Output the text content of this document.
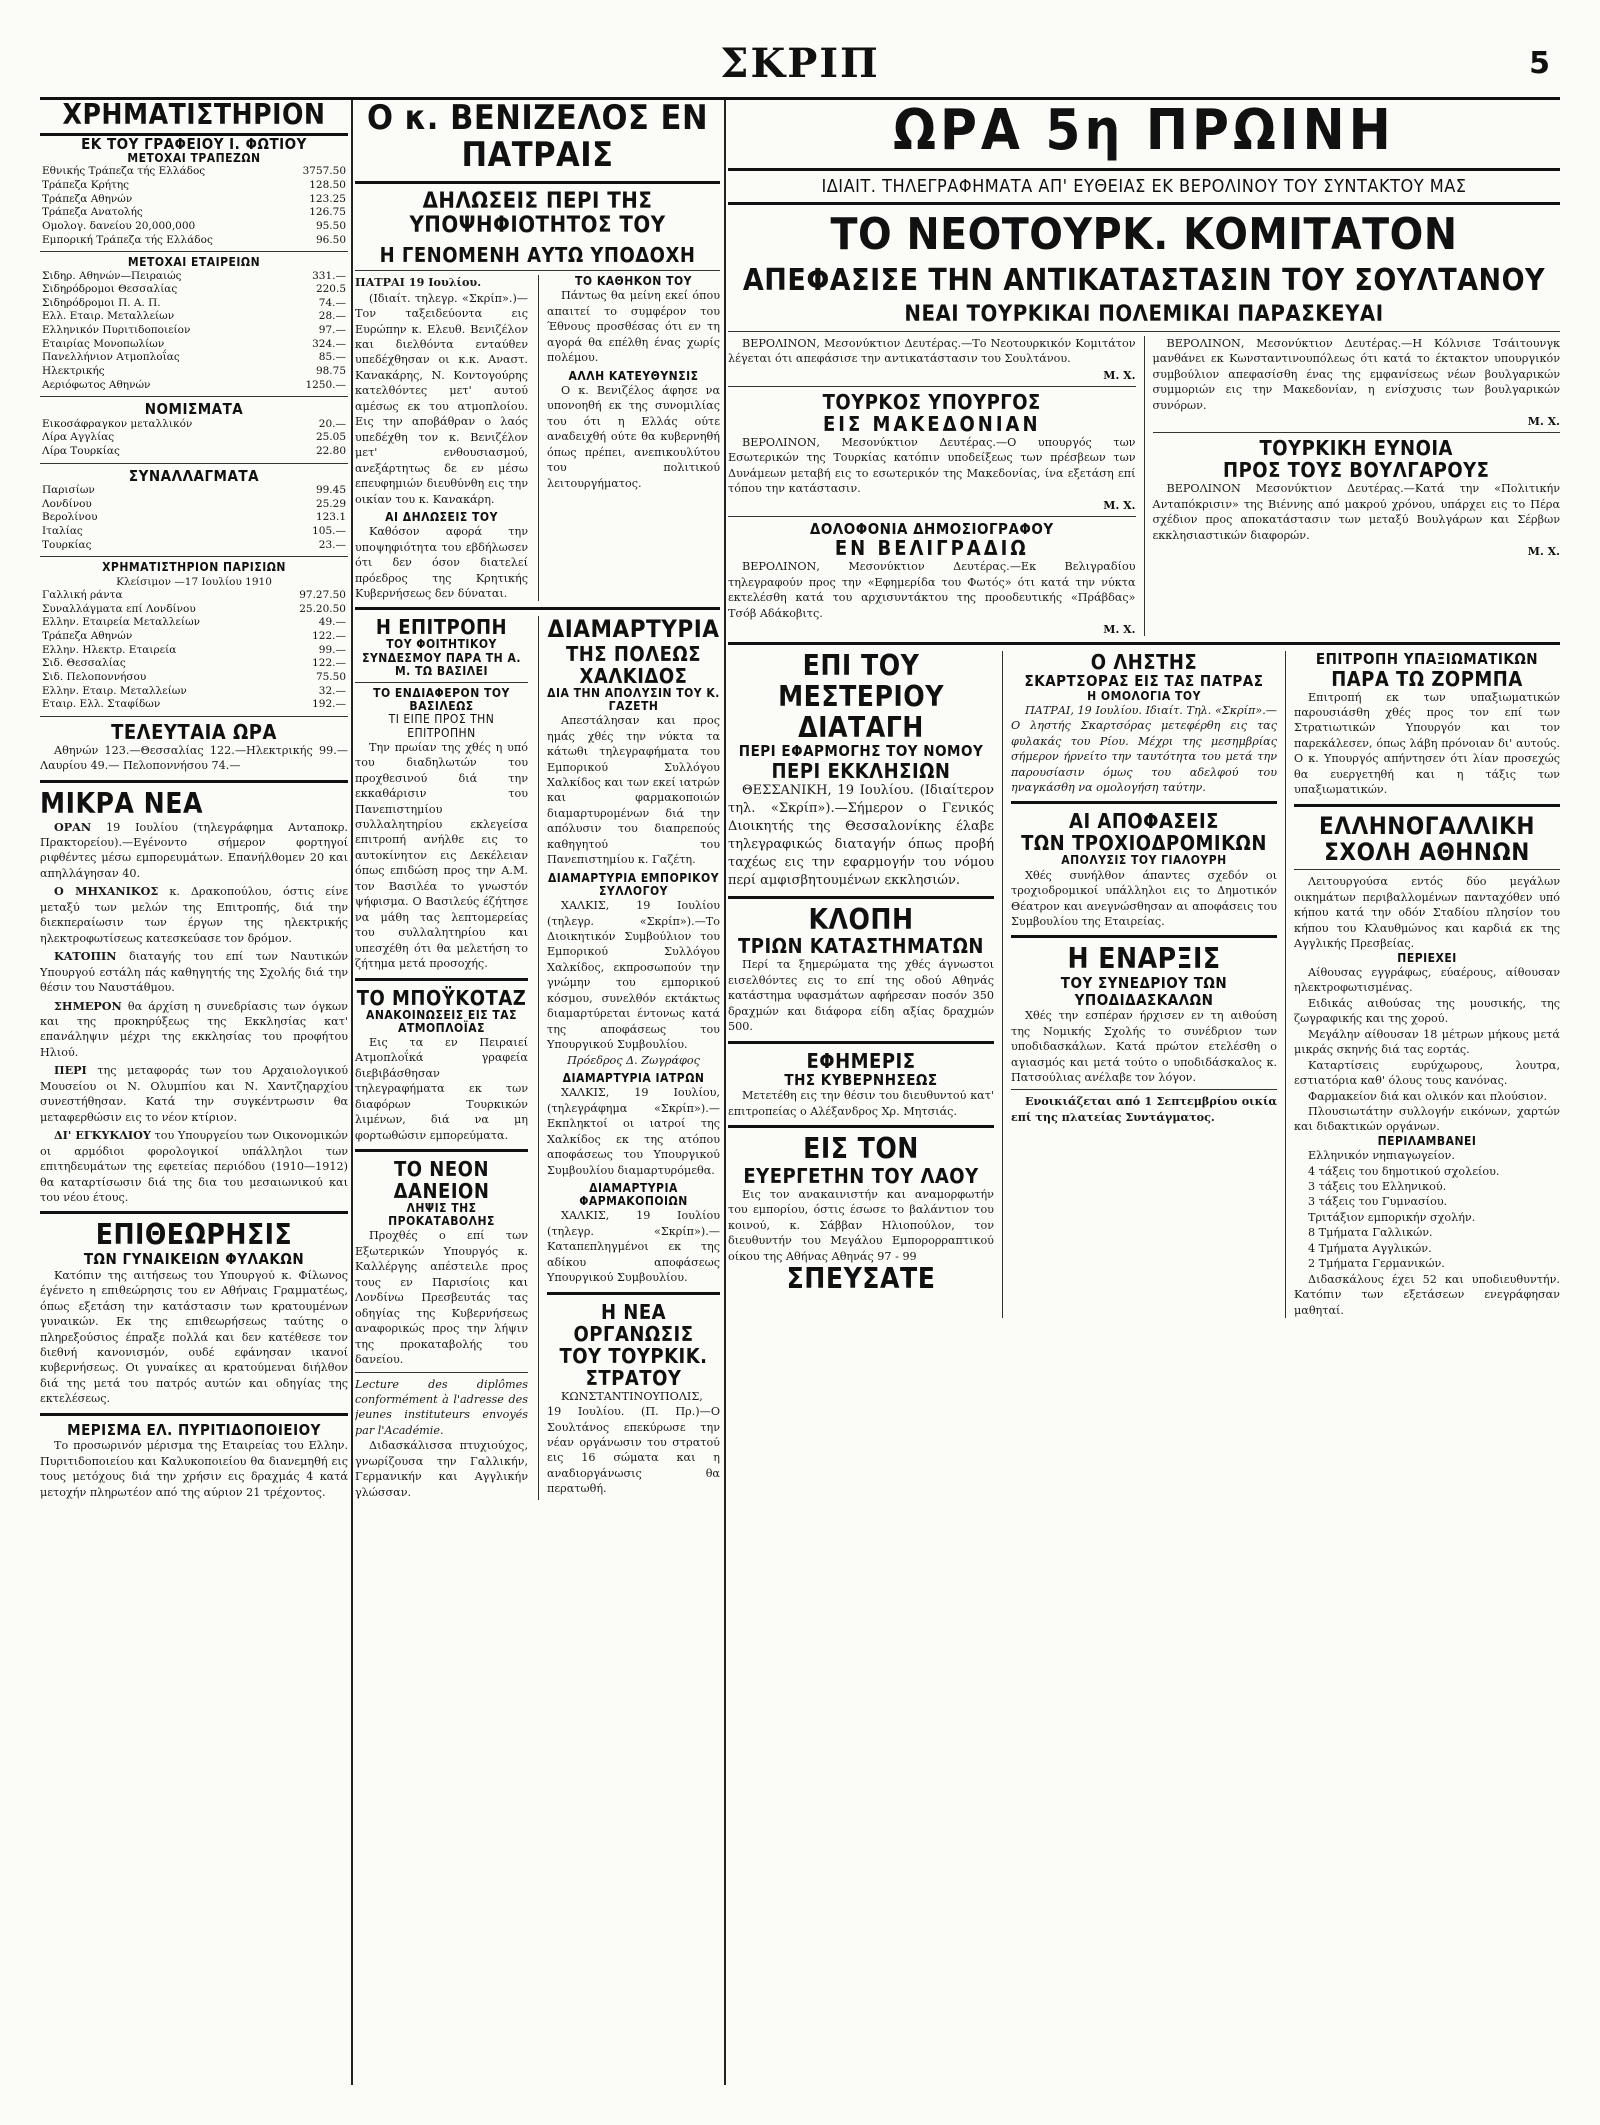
ΣΚΡΙΠ	5
ΧΡΗΜΑΤΙΣΤΗΡΙΟΝ
ΕΚ ΤΟΥ ΓΡΑΦΕΙΟΥ Ι. ΦΩΤΙΟΥ
ΜΕΤΟΧΑΙ ΤΡΑΠΕΖΩΝ
Εθνικής Τράπεζα τής Ελλάδος	3757.50
Τράπεζα Κρήτης	128.50
Τράπεζα Αθηνών	123.25
Τράπεζα Ανατολής	126.75
Ομολογ. δανείου 20,000,000	95.50
Εμπορική Τράπεζα τής Ελλάδος	96.50
ΜΕΤΟΧΑΙ ΕΤΑΙΡΕΙΩΝ
Σιδηρ. Αθηνών—Πειραιώς	331.—
Σιδηρόδρομοι Θεσσαλίας	220.5
Σιδηρόδρομοι Π. Α. Π.	74.—
Ελλ. Εταιρ. Μεταλλείων	28.—
Ελληνικόν Πυριτιδοποιείον	97.—
Εταιρίας Μονοπωλίων	324.—
Πανελλήνιον Ατμοπλοΐας	85.—
Ηλεκτρικής	98.75
Αεριόφωτος Αθηνών	1250.—
ΝΟΜΙΣΜΑΤΑ
Εικοσάφραγκον μεταλλικόν	20.—
Λίρα Αγγλίας	25.05
Λίρα Τουρκίας	22.80
ΣΥΝΑΛΛΑΓΜΑΤΑ
Παρισίων	99.45
Λονδίνου	25.29
Βερολίνου	123.1
Ιταλίας	105.—
Τουρκίας	23.—
ΧΡΗΜΑΤΙΣΤΗΡΙΟΝ ΠΑΡΙΣΙΩΝ
Κλείσιμον —17 Ιουλίου 1910
Γαλλική ράντα	97.27.50
Συναλλάγματα επί Λονδίνου	25.20.50
Ελλην. Εταιρεία Μεταλλείων	49.—
Τράπεζα Αθηνών	122.—
Ελλην. Ηλεκτρ. Εταιρεία	99.—
Σιδ. Θεσσαλίας	122.—
Σιδ. Πελοποννήσου	75.50
Ελλην. Εταιρ. Μεταλλείων	32.—
Εταιρ. Ελλ. Σταφίδων	192.—
ΤΕΛΕΥΤΑΙΑ ΩΡΑ
Αθηνών 123.—Θεσσαλίας 122.—Ηλεκτρικής 99.— Λαυρίου 49.— Πελοποννήσου 74.—
ΜΙΚΡΑ ΝΕΑ
ΟΡΑΝ 19 Ιουλίου (τηλεγράφημα Ανταποκρ. Πρακτορείου).—Εγένοντο σήμερον φορτηγοί ριφθέντες μέσω εμπορευμάτων. Επανήλθομεν 20 και απηλλάγησαν 40.
Ο ΜΗΧΑΝΙΚΟΣ κ. Δρακοπούλου, όστις είνε μεταξύ των μελών της Επιτροπής, διά την διεκπεραίωσιν των έργων της ηλεκτρικής ηλεκτροφωτίσεως κατεσκεύασε τον δρόμον.
ΚΑΤΟΠΙΝ διαταγής του επί των Ναυτικών Υπουργού εστάλη πάς καθηγητής της Σχολής διά την θέσιν του Ναυστάθμου.
ΣΗΜΕΡΟΝ θα άρχίση η συνεδρίασις των όγκων και της προκηρύξεως της Εκκλησίας κατ' επανάληψιν μέχρι της εκκλησίας του προφήτου Ηλιού.
ΠΕΡΙ της μεταφοράς των του Αρχαιολογικού Μουσείου οι Ν. Ολυμπίου και Ν. Χαντζηαρχίου συνεστήθησαν. Κατά την συγκέντρωσιν θα μεταφερθώσιν εις το νέον κτίριον.
ΔΙ' ΕΓΚΥΚΛΙΟΥ του Υπουργείου των Οικονομικών οι αρμόδιοι φορολογικοί υπάλληλοι των επιτηδευμάτων της εφετείας περιόδου (1910—1912) θα καταρτίσωσιν διά της δια του μεσαιωνικού και του νέου έτους.
ΕΠΙΘΕΩΡΗΣΙΣ
ΤΩΝ ΓΥΝΑΙΚΕΙΩΝ ΦΥΛΑΚΩΝ
Κατόπιν της αιτήσεως του Υπουργού κ. Φίλωνος έγένετο η επιθεώρησις του εν Αθήναις Γραμματέως, όπως εξετάση την κατάστασιν των κρατουμένων γυναικών. Εκ της επιθεωρήσεως ταύτης ο πληρεξούσιος έπραξε πολλά και δεν κατέθεσε τον διεθνή κανονισμόν, ουδέ εφάνησαν ικανοί κυβερνήσεως. Οι γυναίκες αι κρατούμεναι διήλθον διά της μετά του πατρός αυτών και οδηγίας της εκτελέσεως.
ΜΕΡΙΣΜΑ ΕΛ. ΠΥΡΙΤΙΔΟΠΟΙΕΙΟΥ
Το προσωρινόν μέρισμα της Εταιρείας του Ελλην. Πυριτιδοποιείου και Καλυκοποιείου θα διανεμηθή εις τους μετόχους διά την χρήσιν εις δραχμάς 4 κατά μετοχήν πληρωτέον από της αύριον 21 τρέχοντος.
Ο κ. ΒΕΝΙΖΕΛΟΣ ΕΝ ΠΑΤΡΑΙΣ
ΔΗΛΩΣΕΙΣ ΠΕΡΙ ΤΗΣ ΥΠΟΨΗΦΙΟΤΗΤΟΣ ΤΟΥ
Η ΓΕΝΟΜΕΝΗ ΑΥΤΩ ΥΠΟΔΟΧΗ
ΠΑΤΡΑΙ 19 Ιουλίου.
(Ιδιαίτ. τηλεγρ. «Σκρίπ».)—Τον ταξειδεύοντα εις Ευρώπην κ. Ελευθ. Βενιζέλον και διελθόντα ενταύθεν υπεδέχθησαν οι κ.κ. Αναστ. Κανακάρης, Ν. Κοντογούρης κατελθόντες μετ' αυτού αμέσως εκ του ατμοπλοίου. Εις την αποβάθραν ο λαός υπεδέχθη τον κ. Βενιζέλον μετ' ενθουσιασμού, ανεξάρτητως δε εν μέσω επευφημιών διευθύνθη εις την οικίαν του κ. Κανακάρη.
ΑΙ ΔΗΛΩΣΕΙΣ ΤΟΥ
Καθόσον αφορά την υποψηφιότητα του εβδήλωσεν ότι δεν όσον διατελεί πρόεδρος της Κρητικής Κυβερνήσεως δεν δύναται.
ΤΟ ΚΑΘΗΚΟΝ ΤΟΥ
Πάντως θα μείνη εκεί όπου απαιτεί το συμφέρον του Έθνους προσθέσας ότι εν τη αγορά θα επέλθη ένας χωρίς πολέμου.
ΑΛΛΗ ΚΑΤΕΥΘΥΝΣΙΣ
Ο κ. Βενιζέλος άφησε να υπονοηθή εκ της συνομιλίας του ότι η Ελλάς ούτε αναδειχθή ούτε θα κυβερνηθή όπως πρέπει, ανεπικουλύτου του πολιτικού λειτουργήματος.
Η ΕΠΙΤΡΟΠΗ
ΤΟΥ ΦΟΙΤΗΤΙΚΟΥ ΣΥΝΔΕΣΜΟΥ ΠΑΡΑ ΤΗ Α. Μ. ΤΩ ΒΑΣΙΛΕΙ
ΤΟ ΕΝΔΙΑΦΕΡΟΝ ΤΟΥ ΒΑΣΙΛΕΩΣ
ΤΙ ΕΙΠΕ ΠΡΟΣ ΤΗΝ ΕΠΙΤΡΟΠΗΝ
Την πρωίαν της χθές η υπό του διαδηλωτών του προχθεσινού διά την εκκαθάρισιν του Πανεπιστημίου συλλαλητηρίου εκλεγείσα επιτροπή ανήλθε εις το αυτοκίνητον εις Δεκέλειαν όπως επιδώση προς την Α.Μ. τον Βασιλέα το γνωστόν ψήφισμα. Ο Βασιλεύς έζήτησε να μάθη τας λεπτομερείας του συλλαλητηρίου και υπεσχέθη ότι θα μελετήση το ζήτημα μετά προσοχής.
ΤΟ ΜΠΟΫΚΟΤΑΖ
ΑΝΑΚΟΙΝΩΣΕΙΣ ΕΙΣ ΤΑΣ ΑΤΜΟΠΛΟΪΑΣ
Εις τα εν Πειραιεί Ατμοπλοΐκά γραφεία διεβιβάσθησαν τηλεγραφήματα εκ των διαφόρων Τουρκικών λιμένων, διά να μη φορτωθώσιν εμπορεύματα.
ΤΟ ΝΕΟΝ ΔΑΝΕΙΟΝ
ΛΗΨΙΣ ΤΗΣ ΠΡΟΚΑΤΑΒΟΛΗΣ
Προχθές ο επί των Εξωτερικών Υπουργός κ. Καλλέργης απέστειλε προς τους εν Παρισίοις και Λονδίνω Πρεσβευτάς τας οδηγίας της Κυβερνήσεως αναφορικώς προς την λήψιν της προκαταβολής του δανείου.
Lecture des diplômes conformément à l'adresse des jeunes instituteurs envoyés par l'Académie.
Διδασκάλισσα πτυχιούχος, γνωρίζουσα την Γαλλικήν, Γερμανικήν και Αγγλικήν γλώσσαν.
ΔΙΑΜΑΡΤΥΡΙΑ
ΤΗΣ ΠΟΛΕΩΣ ΧΑΛΚΙΔΟΣ
ΔΙΑ ΤΗΝ ΑΠΟΛΥΣΙΝ ΤΟΥ Κ. ΓΑΖΕΤΗ
Απεστάλησαν και προς ημάς χθές την νύκτα τα κάτωθι τηλεγραφήματα του Εμπορικού Συλλόγου Χαλκίδος και των εκεί ιατρών και φαρμακοποιών διαμαρτυρομένων διά την απόλυσιν του διαπρεπούς καθηγητού του Πανεπιστημίου κ. Γαζέτη.
ΔΙΑΜΑΡΤΥΡΙΑ ΕΜΠΟΡΙΚΟΥ ΣΥΛΛΟΓΟΥ
ΧΑΛΚΙΣ, 19 Ιουλίου (τηλεγρ. «Σκρίπ»).—Το Διοικητικόν Συμβούλιον του Εμπορικού Συλλόγου Χαλκίδος, εκπροσωπούν την γνώμην του εμπορικού κόσμου, συνελθόν εκτάκτως διαμαρτύρεται έντονως κατά της αποφάσεως του Υπουργικού Συμβουλίου.
Πρόεδρος Δ. Ζωγράφος
ΔΙΑΜΑΡΤΥΡΙΑ ΙΑΤΡΩΝ
ΧΑΛΚΙΣ, 19 Ιουλίου, (τηλεγράφημα «Σκρίπ»).—Εκπληκτοί οι ιατροί της Χαλκίδος εκ της ατόπου αποφάσεως του Υπουργικού Συμβουλίου διαμαρτυρόμεθα.
ΔΙΑΜΑΡΤΥΡΙΑ ΦΑΡΜΑΚΟΠΟΙΩΝ
ΧΑΛΚΙΣ, 19 Ιουλίου (τηλεγρ. «Σκρίπ»).—Καταπεπληγμένοι εκ της αδίκου αποφάσεως Υπουργικού Συμβουλίου.
Η ΝΕΑ ΟΡΓΑΝΩΣΙΣ
ΤΟΥ ΤΟΥΡΚΙΚ. ΣΤΡΑΤΟΥ
ΚΩΝΣΤΑΝΤΙΝΟΥΠΟΛΙΣ, 19 Ιουλίου. (Π. Πρ.)—Ο Σουλτάνος επεκύρωσε την νέαν οργάνωσιν του στρατού εις 16 σώματα και η αναδιοργάνωσις θα περατωθή.
ΩΡΑ 5η ΠΡΩΙΝΗ
ΙΔΙΑΙΤ. ΤΗΛΕΓΡΑΦΗΜΑΤΑ ΑΠ' ΕΥΘΕΙΑΣ ΕΚ ΒΕΡΟΛΙΝΟΥ ΤΟΥ ΣΥΝΤΑΚΤΟΥ ΜΑΣ
ΤΟ ΝΕΟΤΟΥΡΚ. ΚΟΜΙΤΑΤΟΝ
ΑΠΕΦΑΣΙΣΕ ΤΗΝ ΑΝΤΙΚΑΤΑΣΤΑΣΙΝ ΤΟΥ ΣΟΥΛΤΑΝΟΥ
ΝΕΑΙ ΤΟΥΡΚΙΚΑΙ ΠΟΛΕΜΙΚΑΙ ΠΑΡΑΣΚΕΥΑΙ
ΒΕΡΟΛΙΝΟΝ, Μεσονύκτιον Δευτέρας.—Το Νεοτουρκικόν Κομιτάτον λέγεται ότι απεφάσισε την αντικατάστασιν του Σουλτάνου.
Μ. Χ.
ΤΟΥΡΚΟΣ ΥΠΟΥΡΓΟΣ
ΕΙΣ ΜΑΚΕΔΟΝΙΑΝ
ΒΕΡΟΛΙΝΟΝ, Μεσονύκτιον Δευτέρας.—Ο υπουργός των Εσωτερικών της Τουρκίας κατόπιν υποδείξεως των πρέσβεων των Δυνάμεων μεταβή εις το εσωτερικόν της Μακεδονίας, ίνα εξετάση επί τόπου την κατάστασιν.
Μ. Χ.
ΔΟΛΟΦΟΝΙΑ ΔΗΜΟΣΙΟΓΡΑΦΟΥ
ΕΝ ΒΕΛΙΓΡΑΔΙΩ
ΒΕΡΟΛΙΝΟΝ, Μεσονύκτιον Δευτέρας.—Εκ Βελιγραδίου τηλεγραφούν προς την «Εφημερίδα του Φωτός» ότι κατά την νύκτα εκτελέσθη κατά του αρχισυντάκτου της προοδευτικής «Πράβδας» Τσόβ Αδάκοβιτς.
Μ. Χ.
ΒΕΡΟΛΙΝΟΝ, Μεσονύκτιον Δευτέρας.—Η Κόλνισε Τσάιτουνγκ μανθάνει εκ Κωνσταντινουπόλεως ότι κατά το έκτακτον υπουργικόν συμβούλιον απεφασίσθη ένας της εμφανίσεως νέων βουλγαρικών συμμοριών εις την Μακεδονίαν, η ενίσχυσις των βουλγαρικών συνόρων.
Μ. Χ.
ΤΟΥΡΚΙΚΗ ΕΥΝΟΙΑ
ΠΡΟΣ ΤΟΥΣ ΒΟΥΛΓΑΡΟΥΣ
ΒΕΡΟΛΙΝΟΝ Μεσονύκτιον Δευτέρας.—Κατά την «Πολιτικήν Ανταπόκρισιν» της Βιέννης από μακρού χρόνου, υπάρχει εις το Πέρα σχέδιον προς αποκατάστασιν των μεταξύ Βουλγάρων και Σέρβων εκκλησιαστικών διαφορών.
Μ. Χ.
ΕΠΙ ΤΟΥ ΜΕΣΤΕΡΙΟΥ
ΔΙΑΤΑΓΗ
ΠΕΡΙ ΕΦΑΡΜΟΓΗΣ ΤΟΥ ΝΟΜΟΥ
ΠΕΡΙ ΕΚΚΛΗΣΙΩΝ
ΘΕΣΣΑΝΙΚΗ, 19 Ιουλίου. (Ιδιαίτερον τηλ. «Σκρίπ»).—Σήμερον ο Γενικός Διοικητής της Θεσσαλονίκης έλαβε τηλεγραφικώς διαταγήν όπως προβή ταχέως εις την εφαρμογήν του νόμου περί αμφισβητουμένων εκκλησιών.
ΚΛΟΠΗ
ΤΡΙΩΝ ΚΑΤΑΣΤΗΜΑΤΩΝ
Περί τα ξημερώματα της χθές άγνωστοι εισελθόντες εις το επί της οδού Αθηνάς κατάστημα υφασμάτων αφήρεσαν ποσόν 350 δραχμών και διάφορα είδη αξίας δραχμών 500.
ΕΦΗΜΕΡΙΣ
ΤΗΣ ΚΥΒΕΡΝΗΣΕΩΣ
Μετετέθη εις την θέσιν του διευθυντού κατ' επιτροπείας ο Αλέξανδρος Χρ. Μητσιάς.
ΕΙΣ ΤΟΝ
ΕΥΕΡΓΕΤΗΝ ΤΟΥ ΛΑΟΥ
Εις τον ανακαινιστήν και αναμορφωτήν του εμπορίου, όστις έσωσε το βαλάντιον του κοινού, κ. Σάββαν Ηλιοπούλον, τον διευθυντήν του Μεγάλου Εμπορορραπτικού οίκου της Αθήνας Αθηνάς 97 - 99
ΣΠΕΥΣΑΤΕ
Ο ΛΗΣΤΗΣ
ΣΚΑΡΤΣΟΡΑΣ ΕΙΣ ΤΑΣ ΠΑΤΡΑΣ
Η ΟΜΟΛΟΓΙΑ ΤΟΥ
ΠΑΤΡΑΙ, 19 Ιουλίου. Ιδιαίτ. Τηλ. «Σκρίπ».—Ο ληστής Σκαρτσόρας μετεφέρθη εις τας φυλακάς του Ρίου. Μέχρι της μεσημβρίας σήμερον ήρνείτο την ταυτότητα του μετά την παρουσίασιν όμως του αδελφού του ηναγκάσθη να ομολογήση ταύτην.
ΑΙ ΑΠΟΦΑΣΕΙΣ
ΤΩΝ ΤΡΟΧΙΟΔΡΟΜΙΚΩΝ
ΑΠΟΛΥΣΙΣ ΤΟΥ ΓΙΑΛΟΥΡΗ
Χθές συνήλθον άπαντες σχεδόν οι τροχιοδρομικοί υπάλληλοι εις το Δημοτικόν Θέατρον και ανεγνώσθησαν αι αποφάσεις του Συμβουλίου της Εταιρείας.
Η ΕΝΑΡΞΙΣ
ΤΟΥ ΣΥΝΕΔΡΙΟΥ ΤΩΝ ΥΠΟΔΙΔΑΣΚΑΛΩΝ
Χθές την εσπέραν ήρχισεν εν τη αιθούση της Νομικής Σχολής το συνέδριον των υποδιδασκάλων. Κατά πρώτον ετελέσθη ο αγιασμός και μετά τούτο ο υποδιδάσκαλος κ. Πατσούλιας ανέλαβε τον λόγον.
Ενοικιάζεται από 1 Σεπτεμβρίου οικία επί της πλατείας Συντάγματος.
ΕΠΙΤΡΟΠΗ ΥΠΑΞΙΩΜΑΤΙΚΩΝ
ΠΑΡΑ ΤΩ ΖΟΡΜΠΑ
Επιτροπή εκ των υπαξιωματικών παρουσιάσθη χθές προς τον επί των Στρατιωτικών Υπουργόν και τον παρεκάλεσεν, όπως λάβη πρόνοιαν δι' αυτούς. Ο κ. Υπουργός απήντησεν ότι λίαν προσεχώς θα ευεργετηθή και η τάξις των υπαξιωματικών.
ΕΛΛΗΝΟΓΑΛΛΙΚΗ
ΣΧΟΛΗ ΑΘΗΝΩΝ
Λειτουργούσα εντός δύο μεγάλων οικημάτων περιβαλλομένων πανταχόθεν υπό κήπου κατά την οδόν Σταδίου πλησίον του κήπου του Κλαυθμώνος και καρδιά εκ της Αγγλικής Πρεσβείας.
ΠΕΡΙΕΧΕΙ
Αίθουσας εγγράφως, εύαέρους, αίθουσαν ηλεκτροφωτισμένας.
Ειδικάς αιθούσας της μουσικής, της ζωγραφικής και της χορού.
Μεγάλην αίθουσαν 18 μέτρων μήκους μετά μικράς σκηνής διά τας εορτάς.
Καταρτίσεις ευρύχωρους, λουτρα, εστιατόρια καθ' όλους τους κανόνας.
Φαρμακείον διά και ολικόν και πλούσιον.
Πλουσιωτάτην συλλογήν εικόνων, χαρτών και διδακτικών οργάνων.
ΠΕΡΙΛΑΜΒΑΝΕΙ
Ελληνικόν νηπιαγωγείον.
4 τάξεις του δημοτικού σχολείου.
3 τάξεις του Ελληνικού.
3 τάξεις του Γυμνασίου.
Τριτάξιον εμπορικήν σχολήν.
8 Τμήματα Γαλλικών.
4 Τμήματα Αγγλικών.
2 Τμήματα Γερμανικών.
Διδασκάλους έχει 52 και υποδιευθυντήν. Κατόπιν των εξετάσεων ενεγράφησαν μαθηταί.
